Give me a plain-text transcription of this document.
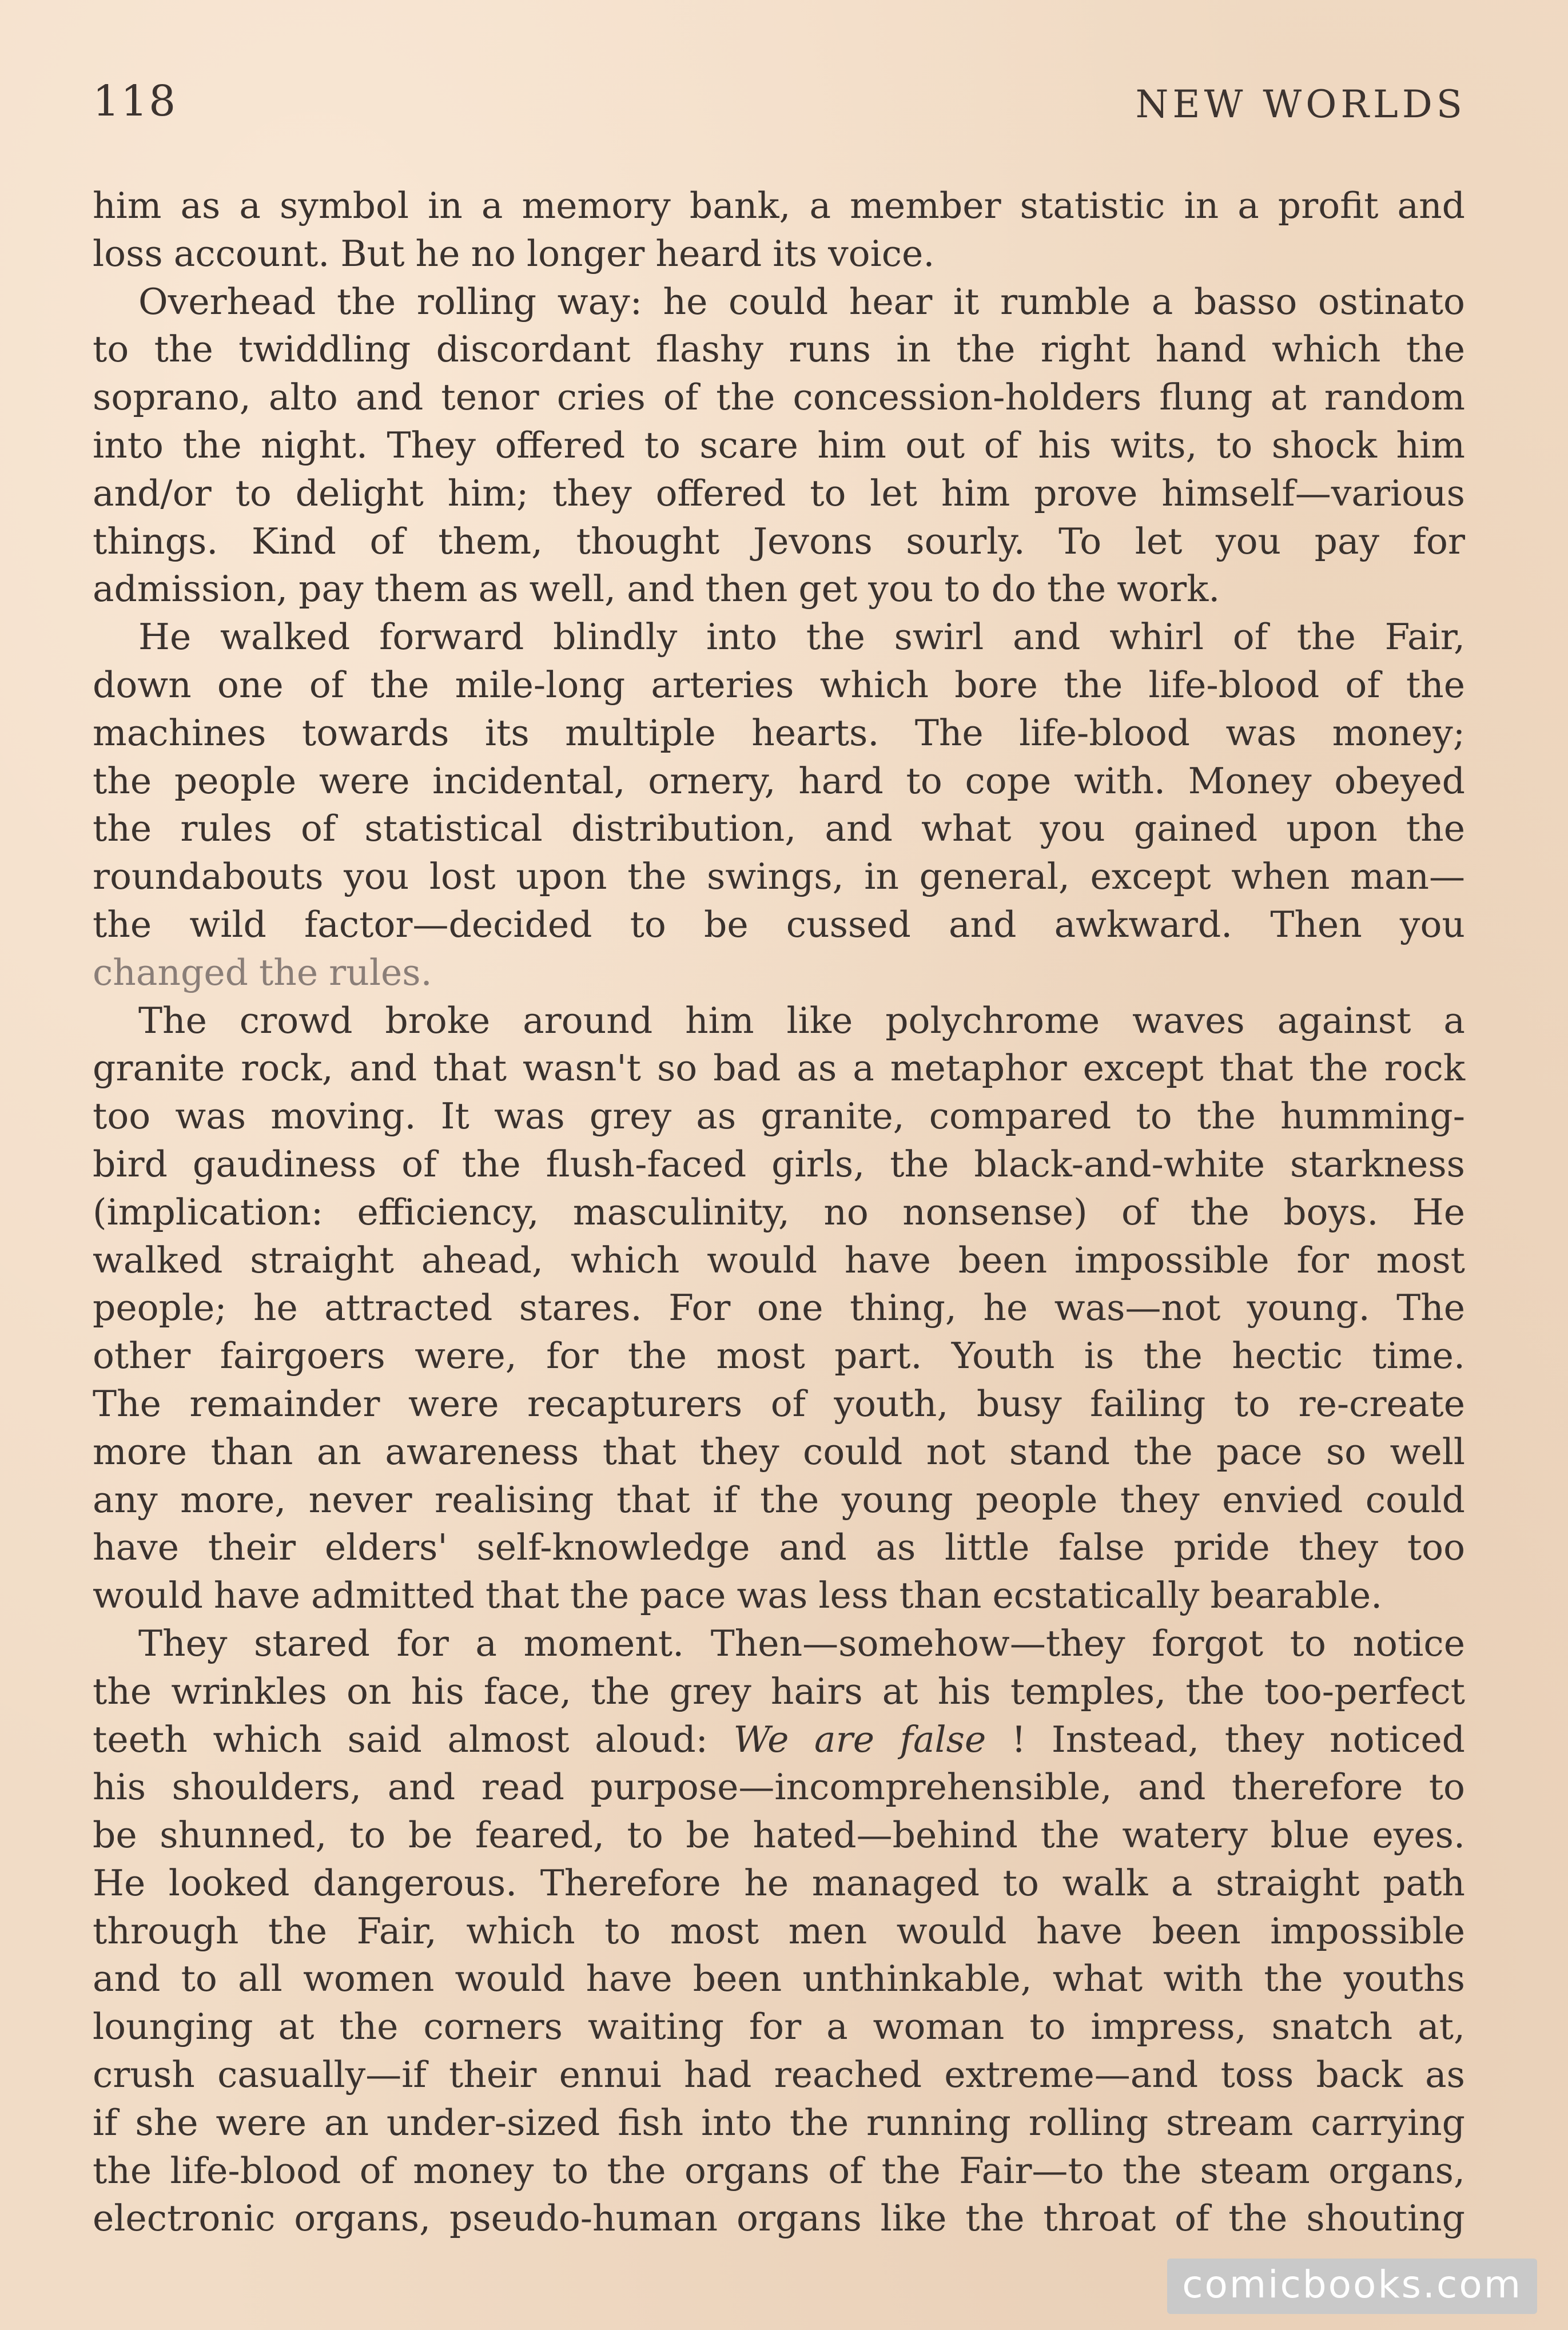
118	NEW WORLDS
him as a symbol in a memory bank, a member statistic in a profit and
loss account. But he no longer heard its voice.
Overhead the rolling way: he could hear it rumble a basso ostinato
to the twiddling discordant flashy runs in the right hand which the
soprano, alto and tenor cries of the concession-holders flung at random
into the night. They offered to scare him out of his wits, to shock him
and/or to delight him; they offered to let him prove himself—various
things. Kind of them, thought Jevons sourly. To let you pay for
admission, pay them as well, and then get you to do the work.
He walked forward blindly into the swirl and whirl of the Fair,
down one of the mile-long arteries which bore the life-blood of the
machines towards its multiple hearts. The life-blood was money;
the people were incidental, ornery, hard to cope with. Money obeyed
the rules of statistical distribution, and what you gained upon the
roundabouts you lost upon the swings, in general, except when man—
the wild factor—decided to be cussed and awkward. Then you
changed the rules.
The crowd broke around him like polychrome waves against a
granite rock, and that wasn't so bad as a metaphor except that the rock
too was moving. It was grey as granite, compared to the humming-
bird gaudiness of the flush-faced girls, the black-and-white starkness
(implication: efficiency, masculinity, no nonsense) of the boys. He
walked straight ahead, which would have been impossible for most
people; he attracted stares. For one thing, he was—not young. The
other fairgoers were, for the most part. Youth is the hectic time.
The remainder were recapturers of youth, busy failing to re-create
more than an awareness that they could not stand the pace so well
any more, never realising that if the young people they envied could
have their elders' self-knowledge and as little false pride they too
would have admitted that the pace was less than ecstatically bearable.
They stared for a moment. Then—somehow—they forgot to notice
the wrinkles on his face, the grey hairs at his temples, the too-perfect
teeth which said almost aloud: We are false ! Instead, they noticed
his shoulders, and read purpose—incomprehensible, and therefore to
be shunned, to be feared, to be hated—behind the watery blue eyes.
He looked dangerous. Therefore he managed to walk a straight path
through the Fair, which to most men would have been impossible
and to all women would have been unthinkable, what with the youths
lounging at the corners waiting for a woman to impress, snatch at,
crush casually—if their ennui had reached extreme—and toss back as
if she were an under-sized fish into the running rolling stream carrying
the life-blood of money to the organs of the Fair—to the steam organs,
electronic organs, pseudo-human organs like the throat of the shouting
comicbooks.com
